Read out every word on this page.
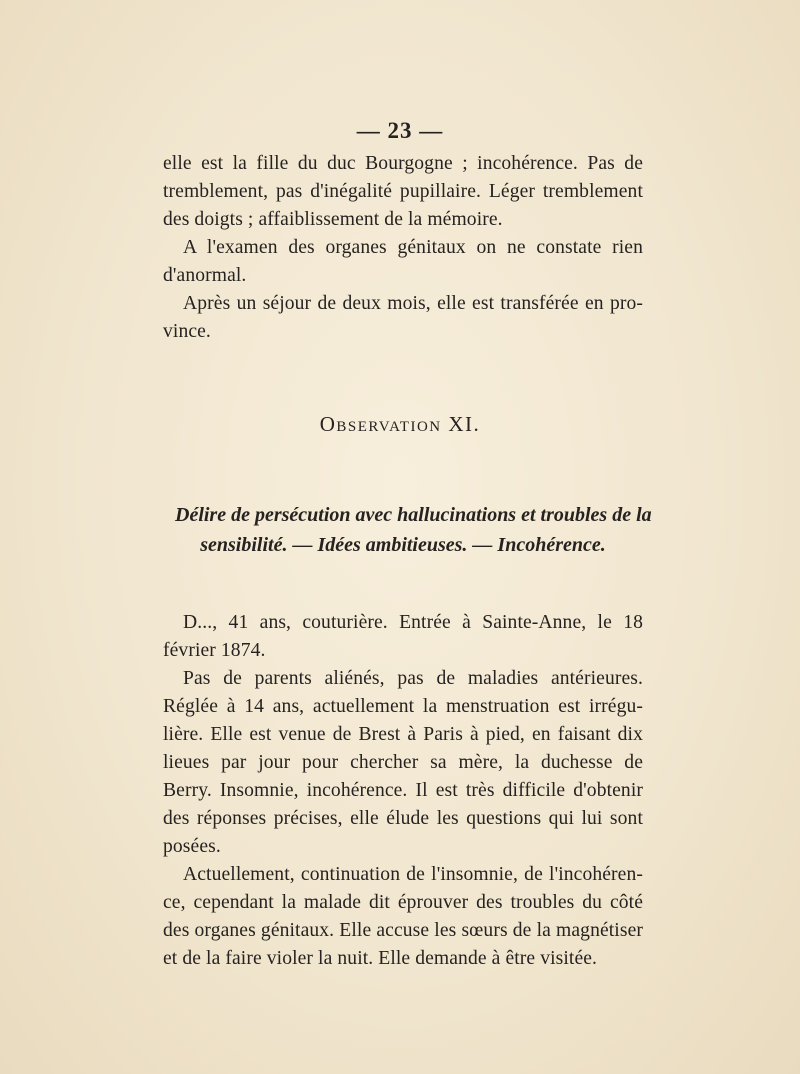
— 23 —

elle est la fille du duc Bourgogne ; incohérence. Pas de
tremblement, pas d'inégalité pupillaire. Léger tremblement
des doigts ; affaiblissement de la mémoire.

A l'examen des organes génitaux on ne constate rien
d'anormal.

Après un séjour de deux mois, elle est transférée en pro-
vince.

Observation XI.
Délire de persécution avec hallucinations et troubles de la
sensibilité. — Idées ambitieuses. — Incohérence.

D..., 41 ans, couturière. Entrée à Sainte-Anne, le 18
février 1874.

Pas de parents aliénés, pas de maladies antérieures.
Réglée à 14 ans, actuellement la menstruation est irrégu-
lière. Elle est venue de Brest à Paris à pied, en faisant dix
lieues par jour pour chercher sa mère, la duchesse de
Berry. Insomnie, incohérence. Il est très difficile d'obtenir
des réponses précises, elle élude les questions qui lui sont
posées.

Actuellement, continuation de l'insomnie, de l'incohéren-
ce, cependant la malade dit éprouver des troubles du côté
des organes génitaux. Elle accuse les sœurs de la magnétiser
et de la faire violer la nuit. Elle demande à être visitée.
